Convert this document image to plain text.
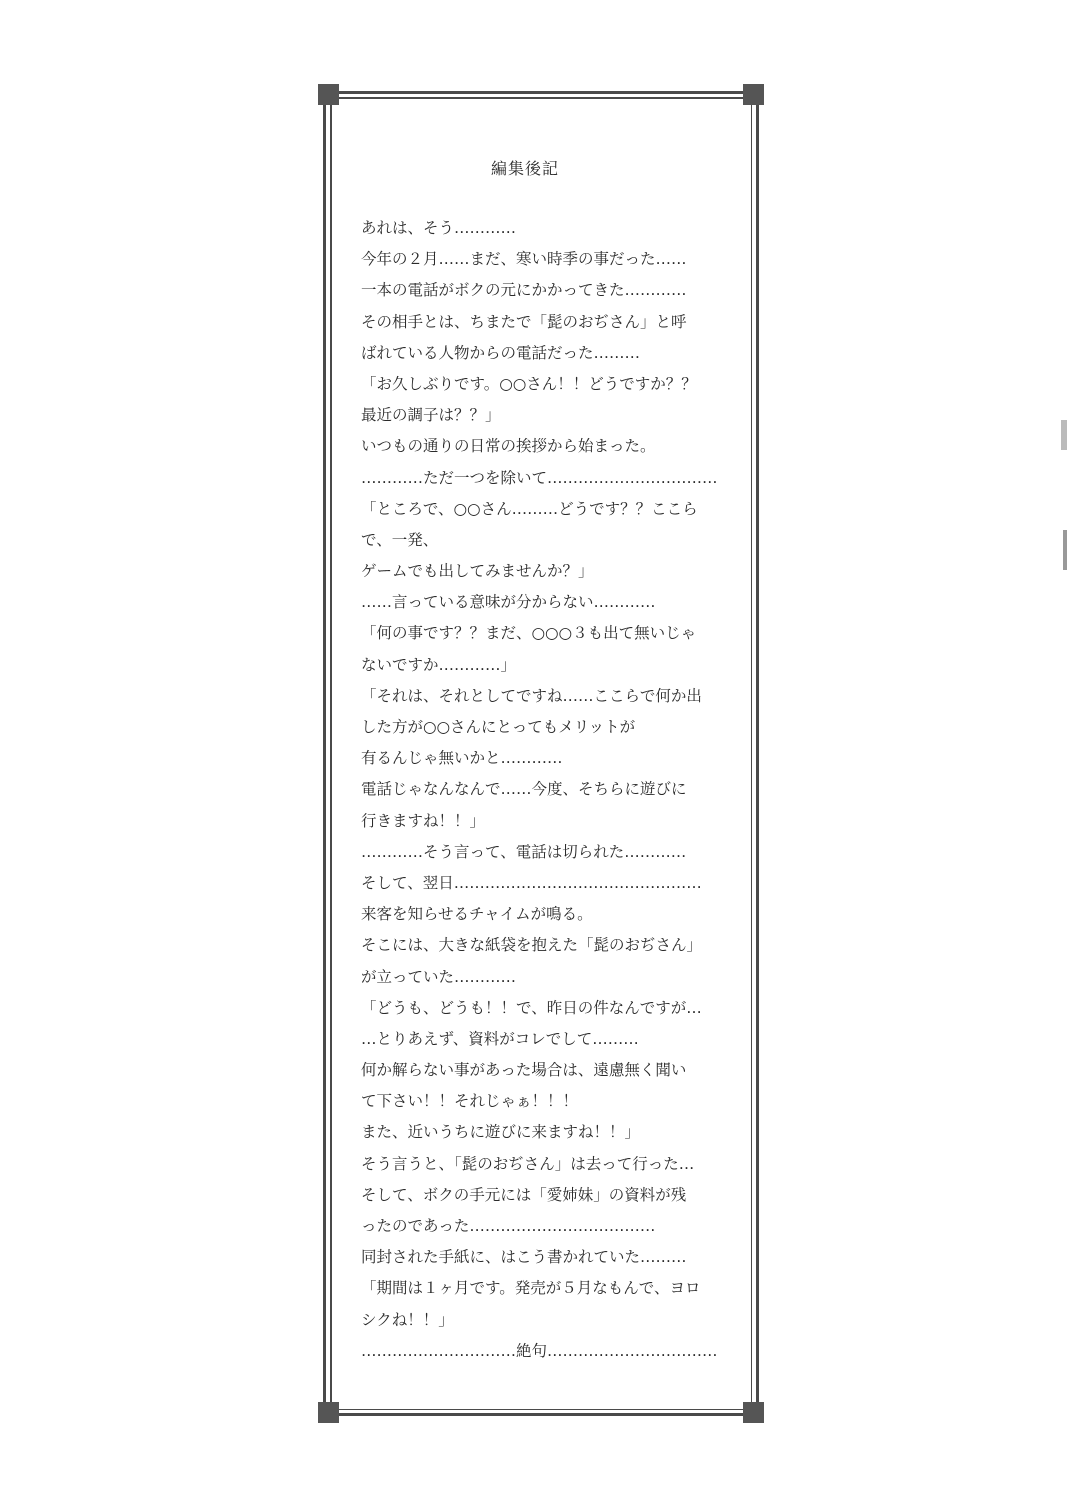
編集後記
あれは、そう…………
今年の２月……まだ、寒い時季の事だった……
一本の電話がボクの元にかかってきた…………
その相手とは、ちまたで「髭のおぢさん」と呼
ばれている人物からの電話だった………
「お久しぶりです。○○さん！！どうですか？？
最近の調子は？？」
いつもの通りの日常の挨拶から始まった。
…………ただ一つを除いて……………………………
「ところで、○○さん………どうです？？ここら
で、一発、
ゲームでも出してみませんか？」
……言っている意味が分からない…………
「何の事です？？まだ、○○○３も出て無いじゃ
ないですか…………」
「それは、それとしてですね……ここらで何か出
した方が○○さんにとってもメリットが
有るんじゃ無いかと…………
電話じゃなんなんで……今度、そちらに遊びに
行きますね！！」
…………そう言って、電話は切られた…………
そして、翌日…………………………………………
来客を知らせるチャイムが鳴る。
そこには、大きな紙袋を抱えた「髭のおぢさん」
が立っていた…………
「どうも、どうも！！で、昨日の件なんですが…
…とりあえず、資料がコレでして………
何か解らない事があった場合は、遠慮無く聞い
て下さい！！それじゃぁ！！！
また、近いうちに遊びに来ますね！！」
そう言うと、「髭のおぢさん」は去って行った…
そして、ボクの手元には「愛姉妹」の資料が残
ったのであった………………………………
同封された手紙に、はこう書かれていた………
「期間は１ヶ月です。発売が５月なもんで、ヨロ
シクね！！」
…………………………絶句……………………………
